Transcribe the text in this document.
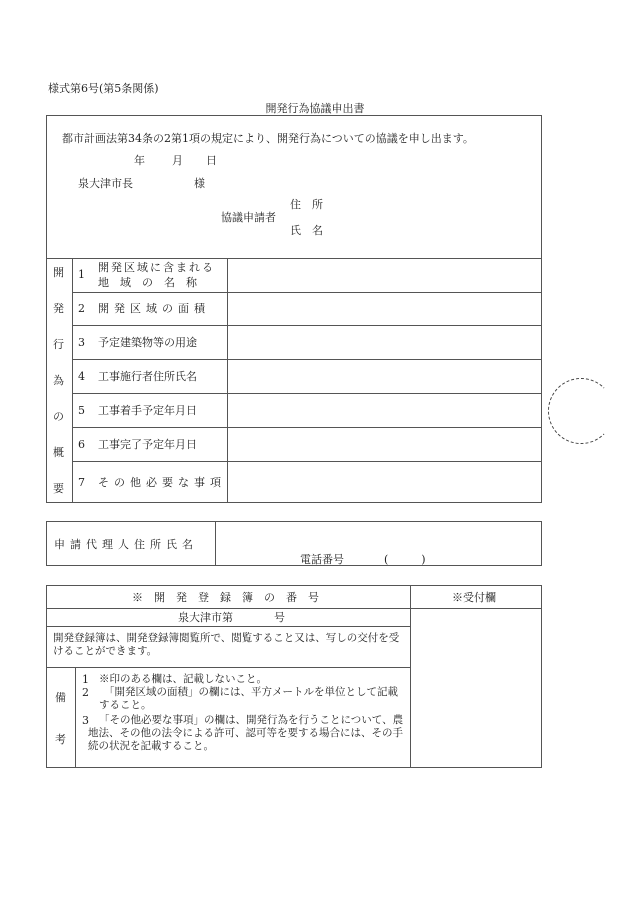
様式第6号(第5条関係)
開発行為協議申出書
都市計画法第34条の2第1項の規定により、開発行為についての協議を申し出ます。
年 月 日
泉大津市長	様
住　所
協議申請者
氏　名
開
発
行
為
の
概
要
1
開発区域に含まれる
地　域　の　名　称
2 開発区域の面積
3 予定建築物等の用途
4 工事施行者住所氏名
5 工事着手予定年月日
6 工事完了予定年月日
7 その他必要な事項
申請代理人住所氏名
電話番号	(　　　)
※　開　発　登　録　簿　の　番　号	※受付欄
泉大津市第	号
開発登録簿は、開発登録簿閲覧所で、閲覧すること又は、写しの交付を受けることができます。
備
考
1 ※印のある欄は、記載しないこと。
2	「開発区域の面積」の欄には、平方メートルを単位として記載すること。
3 「その他必要な事項」の欄は、開発行為を行うことについて、農地法、その他の法令による許可、認可等を要する場合には、その手続の状況を記載すること。
